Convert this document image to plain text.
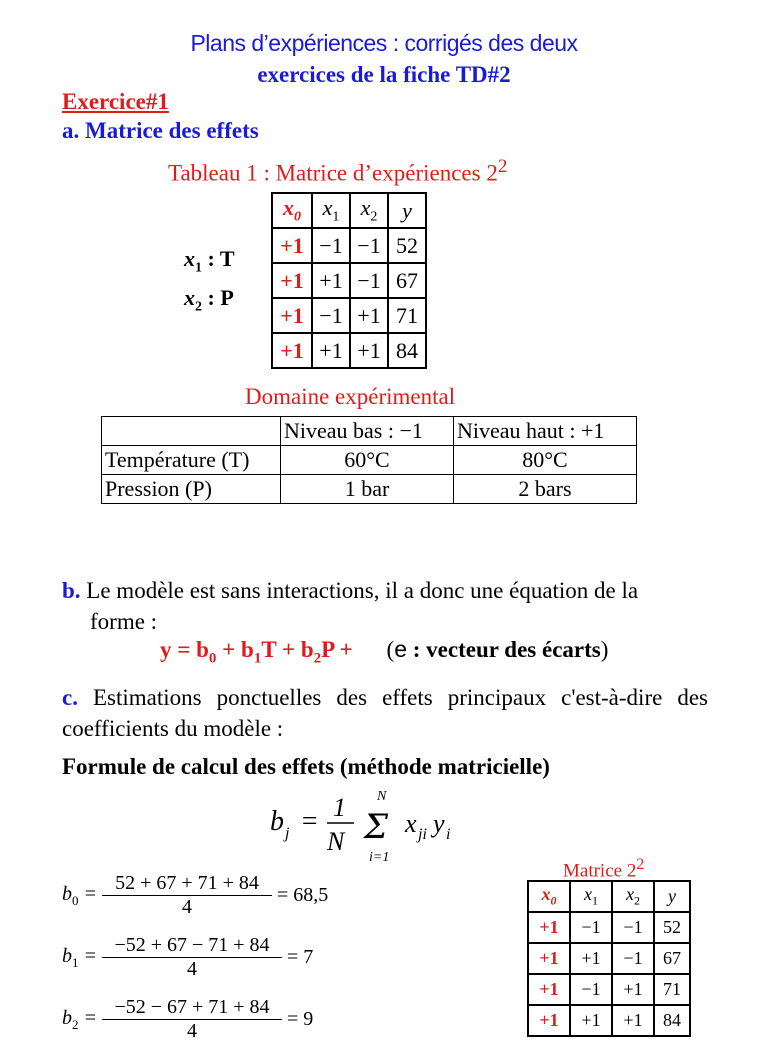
Plans d’expériences : corrigés des deux
exercices de la fiche TD#2
Exercice#1
a. Matrice des effets
Tableau 1 : Matrice d’expériences $2^2$
$x_0$	$x_1$	$x_2$	y
+1	−1	−1	52
+1	+1	−1	67
+1	−1	+1	71
+1	+1	+1	84
$x_1$ : T
$x_2$ : P
Domaine expérimental
	Niveau bas : −1	Niveau haut : +1
Température (T)	60°C	80°C
Pression (P)	1 bar	2 bars
b. Le modèle est sans interactions, il a donc une équation de la
forme :
$y = b_0 + b_1T + b_2P + (e$ : vecteur des écarts)
c. Estimations ponctuelles des effets principaux c'est-à-dire des coefficients du modèle :
Formule de calcul des effets (méthode matricielle)
b j = 1
N
N
Σ
i=1
x ji y i
$b_0 = \frac{52 + 67 + 71 + 84}{4} = 68,5$
$b_1 = \frac{-52 + 67 - 71 + 84}{4} = 7$
$b_2 = \frac{-52 - 67 + 71 + 84}{4} = 9$
Matrice $2^2$
$x_0$	$x_1$	$x_2$	y
+1	−1	−1	52
+1	+1	−1	67
+1	−1	+1	71
+1	+1	+1	84
